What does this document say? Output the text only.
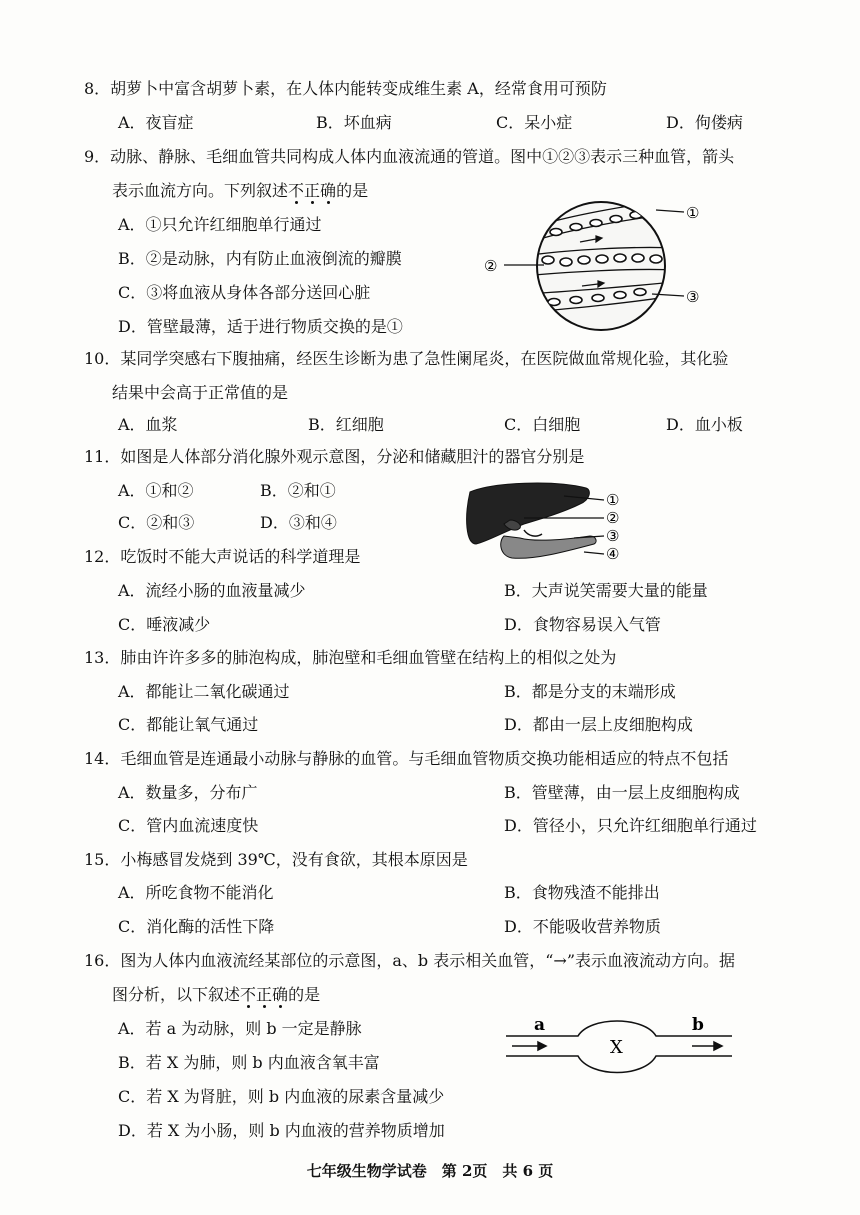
8．胡萝卜中富含胡萝卜素，在人体内能转变成维生素 A，经常食用可预防
A．夜盲症	B．坏血病	C．呆小症	D．佝偻病
9．动脉、静脉、毛细血管共同构成人体内血液流通的管道。图中①②③表示三种血管，箭头
表示血流方向。下列叙述不正确的是
A．①只允许红细胞单行通过
B．②是动脉，内有防止血液倒流的瓣膜
C．③将血液从身体各部分送回心脏
D．管壁最薄，适于进行物质交换的是①
①
②
③
10．某同学突感右下腹抽痛，经医生诊断为患了急性阑尾炎，在医院做血常规化验，其化验
结果中会高于正常值的是
A．血浆	B．红细胞	C．白细胞	D．血小板
11．如图是人体部分消化腺外观示意图，分泌和储藏胆汁的器官分别是
A．①和②	B．②和①
C．②和③	D．③和④
①
②
③
④
12．吃饭时不能大声说话的科学道理是
A．流经小肠的血液量减少	B．大声说笑需要大量的能量
C．唾液减少	D．食物容易误入气管
13．肺由许许多多的肺泡构成，肺泡壁和毛细血管壁在结构上的相似之处为
A．都能让二氧化碳通过	B．都是分支的末端形成
C．都能让氧气通过	D．都由一层上皮细胞构成
14．毛细血管是连通最小动脉与静脉的血管。与毛细血管物质交换功能相适应的特点不包括
A．数量多，分布广	B．管壁薄，由一层上皮细胞构成
C．管内血流速度快	D．管径小，只允许红细胞单行通过
15．小梅感冒发烧到 39℃，没有食欲，其根本原因是
A．所吃食物不能消化	B．食物残渣不能排出
C．消化酶的活性下降	D．不能吸收营养物质
16．图为人体内血液流经某部位的示意图，a、b 表示相关血管，“→”表示血液流动方向。据
图分析，以下叙述不正确的是
A．若 a 为动脉，则 b 一定是静脉
B．若 X 为肺，则 b 内血液含氧丰富
C．若 X 为肾脏，则 b 内血液的尿素含量减少
D．若 X 为小肠，则 b 内血液的营养物质增加
a	b
X
七年级生物学试卷　第 2页　共 6 页
